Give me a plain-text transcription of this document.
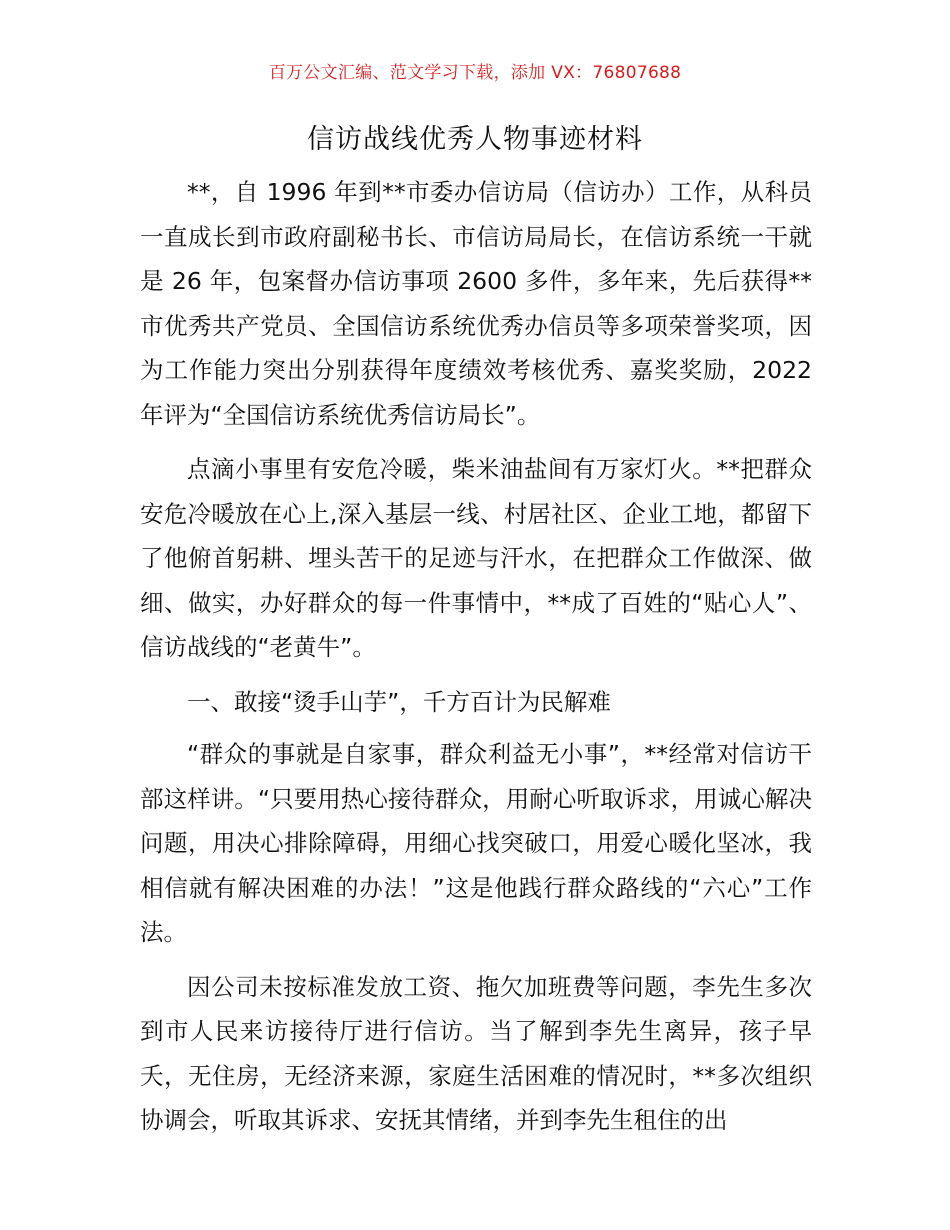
百万公文汇编、范文学习下载，添加 VX：76807688
信访战线优秀人物事迹材料

**，自 1996 年到**市委办信访局（信访办）工作，从科员一直成长到市政府副秘书长、市信访局局长，在信访系统一干就是 26 年，包案督办信访事项 2600 多件，多年来，先后获得**市优秀共产党员、全国信访系统优秀办信员等多项荣誉奖项，因为工作能力突出分别获得年度绩效考核优秀、嘉奖奖励，2022 年评为“全国信访系统优秀信访局长”。

点滴小事里有安危冷暖，柴米油盐间有万家灯火。**把群众安危冷暖放在心上,深入基层一线、村居社区、企业工地，都留下了他俯首躬耕、埋头苦干的足迹与汗水，在把群众工作做深、做细、做实，办好群众的每一件事情中，**成了百姓的“贴心人”、信访战线的“老黄牛”。

一、敢接“烫手山芋”，千方百计为民解难

“群众的事就是自家事，群众利益无小事”，**经常对信访干部这样讲。“只要用热心接待群众，用耐心听取诉求，用诚心解决问题，用决心排除障碍，用细心找突破口，用爱心暖化坚冰，我相信就有解决困难的办法！”这是他践行群众路线的“六心”工作法。

因公司未按标准发放工资、拖欠加班费等问题，李先生多次到市人民来访接待厅进行信访。当了解到李先生离异，孩子早夭，无住房，无经济来源，家庭生活困难的情况时，**多次组织协调会，听取其诉求、安抚其情绪，并到李先生租住的出
